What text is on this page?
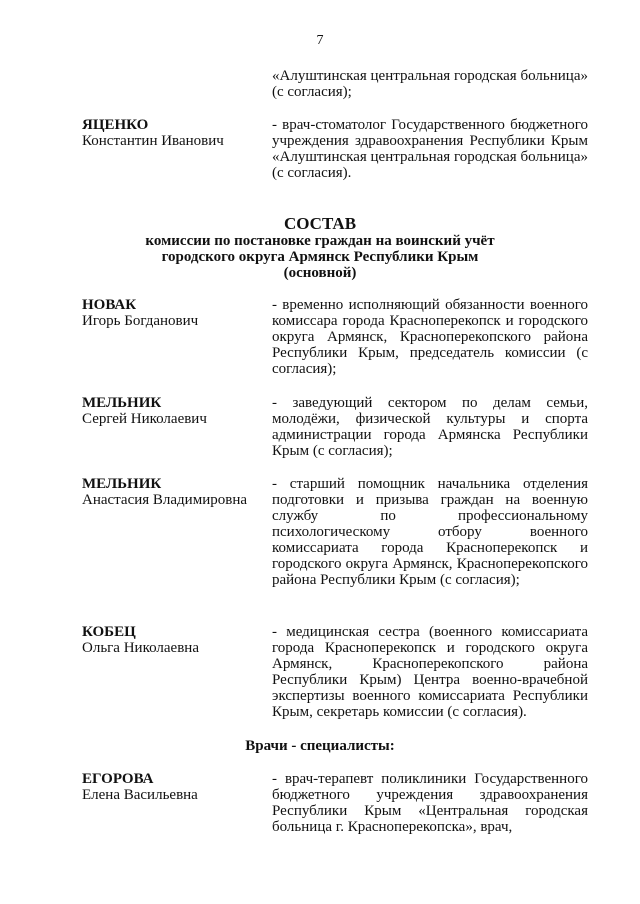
7
«Алуштинская центральная городская больница» (с согласия);
ЯЦЕНКО
Константин Иванович
- врач-стоматолог Государственного бюджетного учреждения здравоохранения Республики Крым «Алуштинская центральная городская больница» (с согласия).
СОСТАВ
комиссии по постановке граждан на воинский учёт
городского округа Армянск Республики Крым
(основной)
НОВАК
Игорь Богданович
- временно исполняющий обязанности военного комиссара города Красноперекопск и городского округа Армянск, Красноперекопского района Республики Крым, председатель комиссии (с согласия);
МЕЛЬНИК
Сергей Николаевич
- заведующий сектором по делам семьи, молодёжи, физической культуры и спорта администрации города Армянска Республики Крым (с согласия);
МЕЛЬНИК
Анастасия Владимировна
- старший помощник начальника отделения подготовки и призыва граждан на военную службу по профессиональному психологическому отбору военного комиссариата города Красноперекопск и городского округа Армянск, Красноперекопского района Республики Крым (с согласия);
КОБЕЦ
Ольга Николаевна
- медицинская сестра (военного комиссариата города Красноперекопск и городского округа Армянск, Красноперекопского района Республики Крым) Центра военно-врачебной экспертизы военного комиссариата Республики Крым, секретарь комиссии (с согласия).
Врачи - специалисты:
ЕГОРОВА
Елена Васильевна
- врач-терапевт поликлиники Государственного бюджетного учреждения здравоохранения Республики Крым «Центральная городская больница г. Красноперекопска», врач,
